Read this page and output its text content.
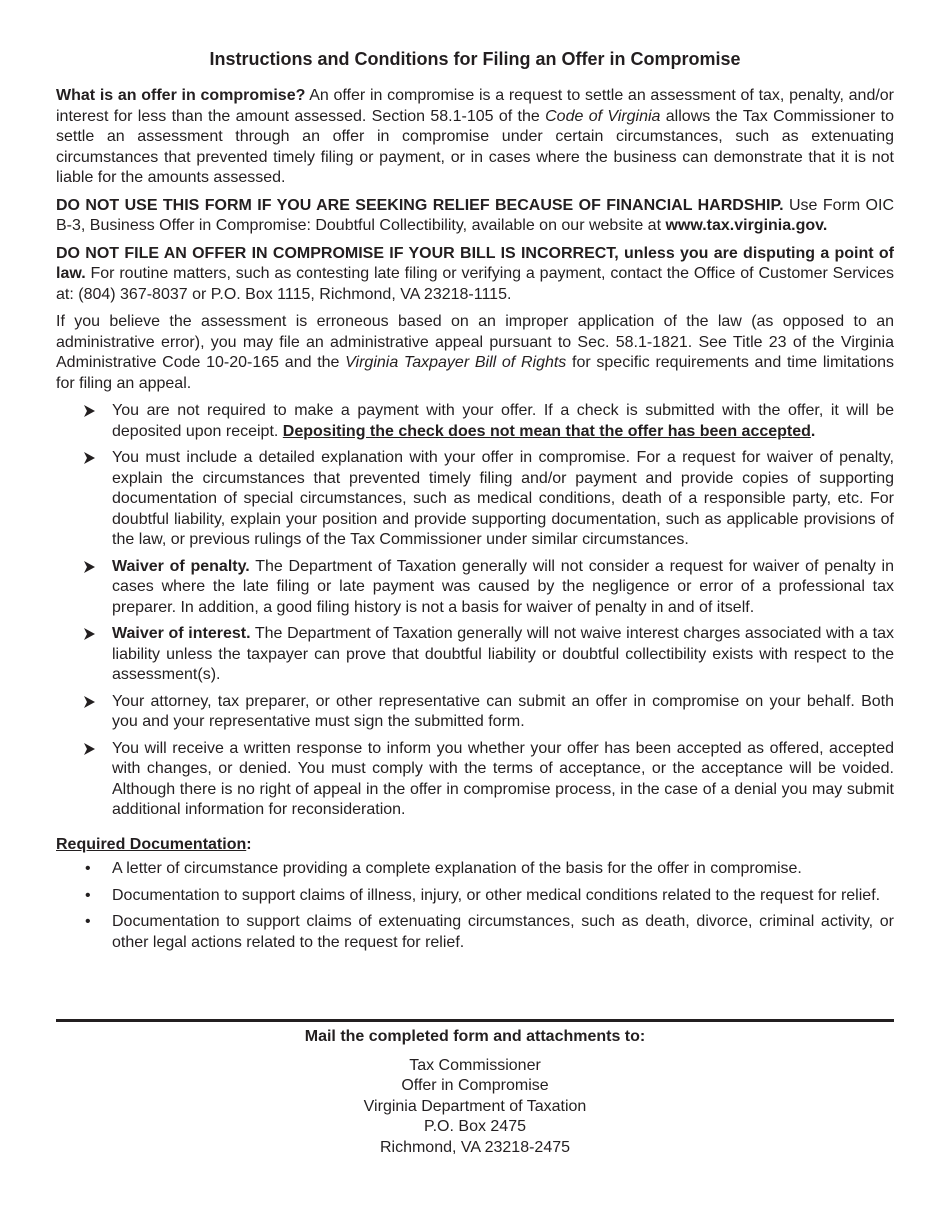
Instructions and Conditions for Filing an Offer in Compromise

What is an offer in compromise? An offer in compromise is a request to settle an assessment of tax, penalty, and/or interest for less than the amount assessed. Section 58.1-105 of the Code of Virginia allows the Tax Commissioner to settle an assessment through an offer in compromise under certain circumstances, such as extenuating circumstances that prevented timely filing or payment, or in cases where the business can demonstrate that it is not liable for the amounts assessed.

DO NOT USE THIS FORM IF YOU ARE SEEKING RELIEF BECAUSE OF FINANCIAL HARDSHIP. Use Form OIC B-3, Business Offer in Compromise: Doubtful Collectibility, available on our website at www.tax.virginia.gov.

DO NOT FILE AN OFFER IN COMPROMISE IF YOUR BILL IS INCORRECT, unless you are disputing a point of law. For routine matters, such as contesting late filing or verifying a payment, contact the Office of Customer Services at: (804) 367-8037 or P.O. Box 1115, Richmond, VA 23218-1115.

If you believe the assessment is erroneous based on an improper application of the law (as opposed to an administrative error), you may file an administrative appeal pursuant to Sec. 58.1-1821. See Title 23 of the Virginia Administrative Code 10-20-165 and the Virginia Taxpayer Bill of Rights for specific requirements and time limitations for filing an appeal.

You are not required to make a payment with your offer. If a check is submitted with the offer, it will be deposited upon receipt. Depositing the check does not mean that the offer has been accepted.
You must include a detailed explanation with your offer in compromise. For a request for waiver of penalty, explain the circumstances that prevented timely filing and/or payment and provide copies of supporting documentation of special circumstances, such as medical conditions, death of a responsible party, etc. For doubtful liability, explain your position and provide supporting documentation, such as applicable provisions of the law, or previous rulings of the Tax Commissioner under similar circumstances.
Waiver of penalty. The Department of Taxation generally will not consider a request for waiver of penalty in cases where the late filing or late payment was caused by the negligence or error of a professional tax preparer. In addition, a good filing history is not a basis for waiver of penalty in and of itself.
Waiver of interest. The Department of Taxation generally will not waive interest charges associated with a tax liability unless the taxpayer can prove that doubtful liability or doubtful collectibility exists with respect to the assessment(s).
Your attorney, tax preparer, or other representative can submit an offer in compromise on your behalf. Both you and your representative must sign the submitted form.
You will receive a written response to inform you whether your offer has been accepted as offered, accepted with changes, or denied. You must comply with the terms of acceptance, or the acceptance will be voided. Although there is no right of appeal in the offer in compromise process, in the case of a denial you may submit additional information for reconsideration.

Required Documentation:

• A letter of circumstance providing a complete explanation of the basis for the offer in compromise.
• Documentation to support claims of illness, injury, or other medical conditions related to the request for relief.
• Documentation to support claims of extenuating circumstances, such as death, divorce, criminal activity, or other legal actions related to the request for relief.
Mail the completed form and attachments to:
Tax Commissioner
Offer in Compromise
Virginia Department of Taxation
P.O. Box 2475
Richmond, VA 23218-2475
